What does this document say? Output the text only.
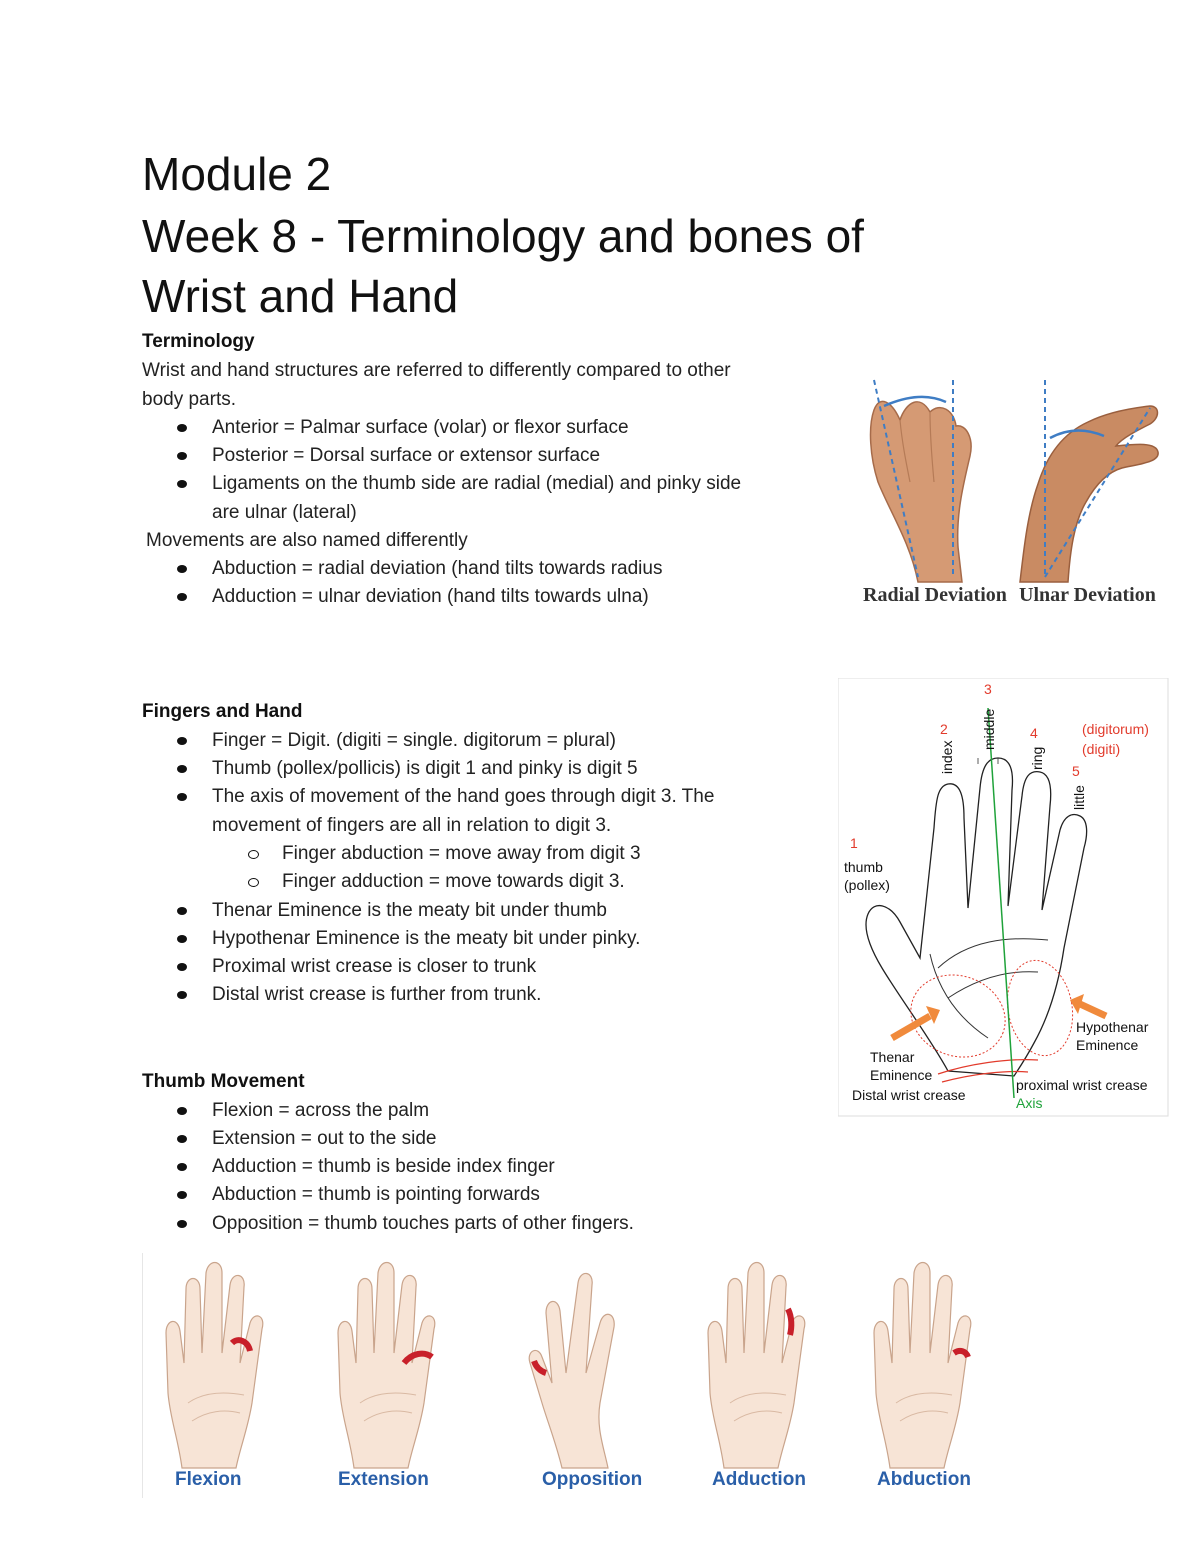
Module 2
Week 8 - Terminology and bones of
Wrist and Hand
Terminology
Wrist and hand structures are referred to differently compared to other
body parts.
Anterior = Palmar surface (volar) or flexor surface
Posterior = Dorsal surface or extensor surface
Ligaments on the thumb side are radial (medial) and pinky side
are ulnar (lateral)
Movements are also named differently
Abduction = radial deviation (hand tilts towards radius
Adduction = ulnar deviation (hand tilts towards ulna)	Radial Deviation Ulnar Deviation
Fingers and Hand
Finger = Digit. (digiti = single. digitorum = plural)
Thumb (pollex/pollicis) is digit 1 and pinky is digit 5
The axis of movement of the hand goes through digit 3. The
movement of fingers are all in relation to digit 3.
Finger abduction = move away from digit 3
Finger adduction = move towards digit 3.
Thenar Eminence is the meaty bit under thumb
Hypothenar Eminence is the meaty bit under pinky.
Proximal wrist crease is closer to trunk
Distal wrist crease is further from trunk.
3
2	4
5
1
(digitorum)
(digiti)
index
middle
ring
little
thumb
(pollex)
Thenar
Eminence
Hypothenar
Eminence
Distal wrist crease
proximal wrist crease
Axis
Thumb Movement
Flexion = across the palm
Extension = out to the side
Adduction = thumb is beside index finger
Abduction = thumb is pointing forwards
Opposition = thumb touches parts of other fingers.
Flexion	Extension	Opposition	Adduction	Abduction
